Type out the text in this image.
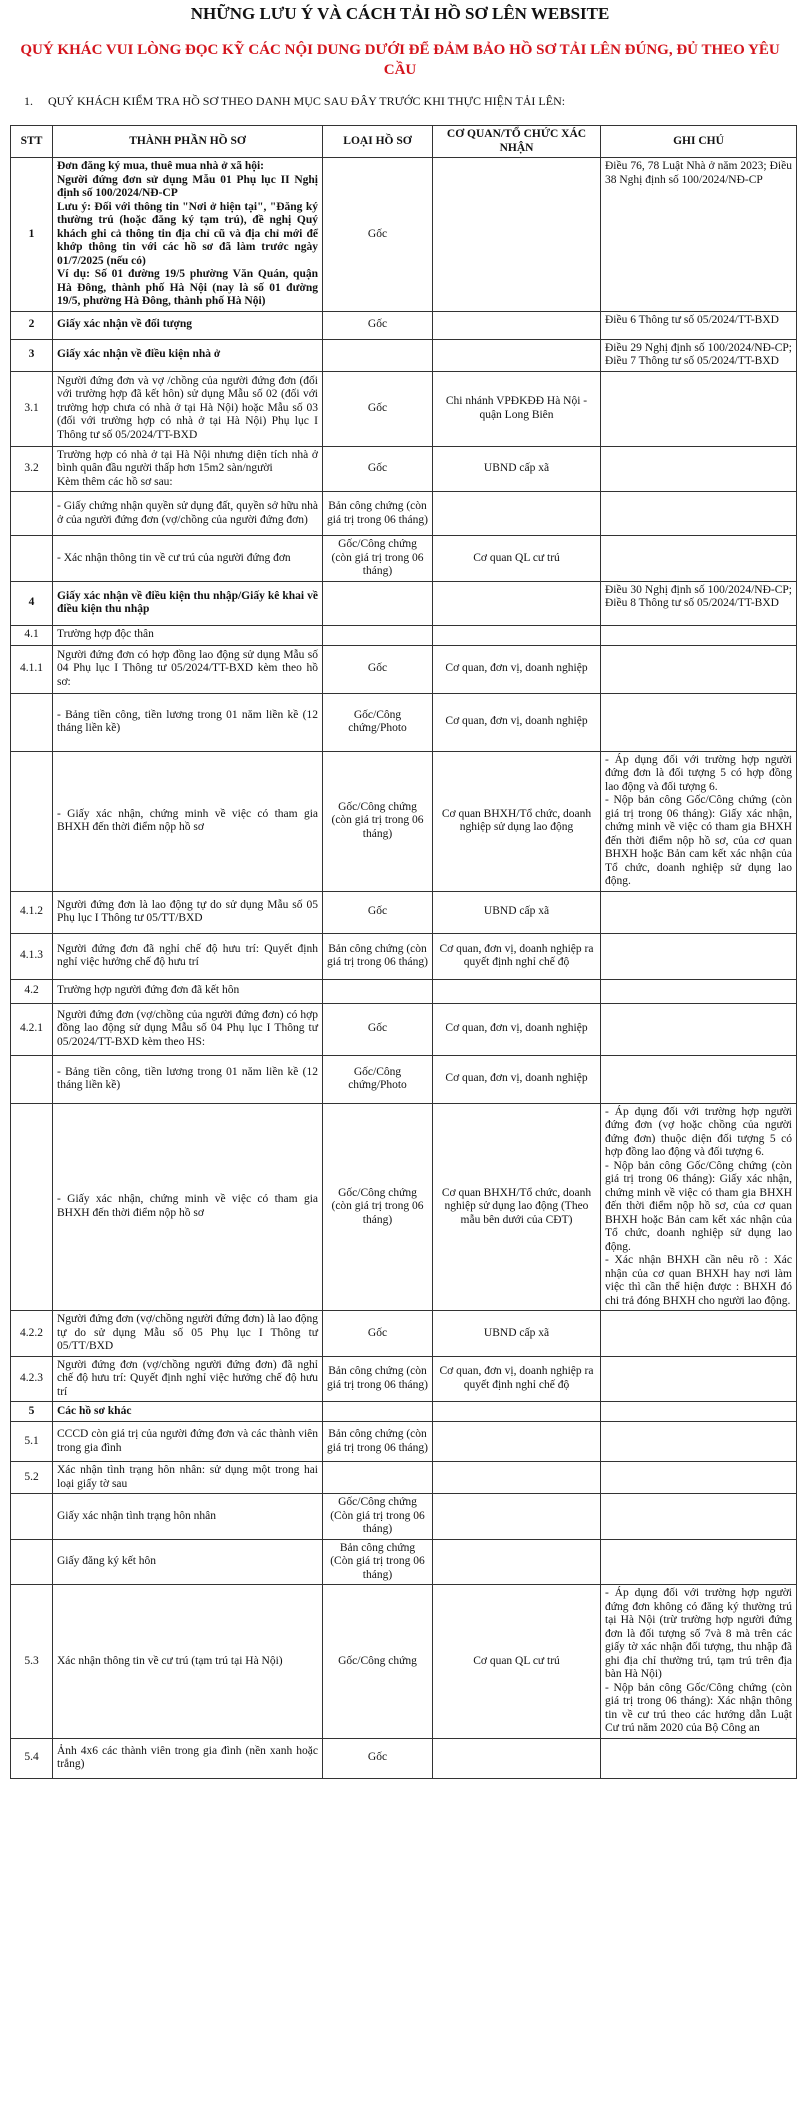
NHỮNG LƯU Ý VÀ CÁCH TẢI HỒ SƠ LÊN WEBSITE
QUÝ KHÁC VUI LÒNG ĐỌC KỸ CÁC NỘI DUNG DƯỚI ĐỂ ĐẢM BẢO HỒ SƠ TẢI LÊN ĐÚNG, ĐỦ THEO YÊU CẦU
1. QUÝ KHÁCH KIỂM TRA HỒ SƠ THEO DANH MỤC SAU ĐÂY TRƯỚC KHI THỰC HIỆN TẢI LÊN:
STT	THÀNH PHẦN HỒ SƠ	LOẠI HỒ SƠ	CƠ QUAN/TỔ CHỨC XÁC NHẬN	GHI CHÚ
1	Đơn đăng ký mua, thuê mua nhà ở xã hội:
Người đứng đơn sử dụng Mẫu 01 Phụ lục II Nghị định số 100/2024/NĐ-CP
Lưu ý: Đối với thông tin "Nơi ở hiện tại", "Đăng ký thường trú (hoặc đăng ký tạm trú), đề nghị Quý khách ghi cả thông tin địa chỉ cũ và địa chỉ mới để khớp thông tin với các hồ sơ đã làm trước ngày 01/7/2025 (nếu có)
Ví dụ: Số 01 đường 19/5 phường Văn Quán, quận Hà Đông, thành phố Hà Nội (nay là số 01 đường 19/5, phường Hà Đông, thành phố Hà Nội)	Gốc		Điều 76, 78 Luật Nhà ở năm 2023; Điều 38 Nghị định số 100/2024/NĐ-CP
2	Giấy xác nhận về đối tượng	Gốc		Điều 6 Thông tư số 05/2024/TT-BXD
3	Giấy xác nhận về điều kiện nhà ở			Điều 29 Nghị định số 100/2024/NĐ-CP; Điều 7 Thông tư số 05/2024/TT-BXD
3.1	Người đứng đơn và vợ /chồng của người đứng đơn (đối với trường hợp đã kết hôn) sử dụng Mẫu số 02 (đối với trường hợp chưa có nhà ở tại Hà Nội) hoặc Mẫu số 03 (đối với trường hợp có nhà ở tại Hà Nội) Phụ lục I Thông tư số 05/2024/TT-BXD	Gốc	Chi nhánh VPĐKĐĐ Hà Nội - quận Long Biên	
3.2	Trường hợp có nhà ở tại Hà Nội nhưng diện tích nhà ở bình quân đầu người thấp hơn 15m2 sàn/người
Kèm thêm các hồ sơ sau:	Gốc	UBND cấp xã	
	- Giấy chứng nhận quyền sử dụng đất, quyền sở hữu nhà ở của người đứng đơn (vợ/chồng của người đứng đơn)	Bản công chứng (còn giá trị trong 06 tháng)		
	- Xác nhận thông tin về cư trú của người đứng đơn	Gốc/Công chứng (còn giá trị trong 06 tháng)	Cơ quan QL cư trú	
4	Giấy xác nhận về điều kiện thu nhập/Giấy kê khai về điều kiện thu nhập			Điều 30 Nghị định số 100/2024/NĐ-CP; Điều 8 Thông tư số 05/2024/TT-BXD
4.1	Trường hợp độc thân			
4.1.1	Người đứng đơn có hợp đồng lao động sử dụng Mẫu số 04 Phụ lục I Thông tư 05/2024/TT-BXD kèm theo hồ sơ:	Gốc	Cơ quan, đơn vị, doanh nghiệp	
	- Bảng tiền công, tiền lương trong 01 năm liền kề (12 tháng liền kề)	Gốc/Công chứng/Photo	Cơ quan, đơn vị, doanh nghiệp	
	- Giấy xác nhận, chứng minh về việc có tham gia BHXH đến thời điểm nộp hồ sơ	Gốc/Công chứng (còn giá trị trong 06 tháng)	Cơ quan BHXH/Tổ chức, doanh nghiệp sử dụng lao động	- Áp dụng đối với trường hợp người đứng đơn là đối tượng 5 có hợp đồng lao động và đối tượng 6.
- Nộp bản công Gốc/Công chứng (còn giá trị trong 06 tháng): Giấy xác nhận, chứng minh về việc có tham gia BHXH đến thời điểm nộp hồ sơ, của cơ quan BHXH hoặc Bản cam kết xác nhận của Tổ chức, doanh nghiệp sử dụng lao động.
4.1.2	Người đứng đơn là lao động tự do sử dụng Mẫu số 05 Phụ lục I Thông tư 05/TT/BXD	Gốc	UBND cấp xã	
4.1.3	Người đứng đơn đã nghỉ chế độ hưu trí: Quyết định nghỉ việc hưởng chế độ hưu trí	Bản công chứng (còn giá trị trong 06 tháng)	Cơ quan, đơn vị, doanh nghiệp ra quyết định nghỉ chế độ	
4.2	Trường hợp người đứng đơn đã kết hôn			
4.2.1	Người đứng đơn (vợ/chồng của người đứng đơn) có hợp đồng lao động sử dụng Mẫu số 04 Phụ lục I Thông tư 05/2024/TT-BXD kèm theo HS:	Gốc	Cơ quan, đơn vị, doanh nghiệp	
	- Bảng tiền công, tiền lương trong 01 năm liền kề (12 tháng liền kề)	Gốc/Công chứng/Photo	Cơ quan, đơn vị, doanh nghiệp	
	- Giấy xác nhận, chứng minh về việc có tham gia BHXH đến thời điểm nộp hồ sơ	Gốc/Công chứng (còn giá trị trong 06 tháng)	Cơ quan BHXH/Tổ chức, doanh nghiệp sử dụng lao động (Theo mẫu bên dưới của CĐT)	- Áp dụng đối với trường hợp người đứng đơn (vợ hoặc chồng của người đứng đơn) thuộc diện đối tượng 5 có hợp đồng lao động và đối tượng 6.
- Nộp bản công Gốc/Công chứng (còn giá trị trong 06 tháng): Giấy xác nhận, chứng minh về việc có tham gia BHXH đến thời điểm nộp hồ sơ, của cơ quan BHXH hoặc Bản cam kết xác nhận của Tổ chức, doanh nghiệp sử dụng lao động.
- Xác nhận BHXH cần nêu rõ : Xác nhận của cơ quan BHXH hay nơi làm việc thì cần thể hiện được : BHXH đó chi trả đóng BHXH cho người lao động.
4.2.2	Người đứng đơn (vợ/chồng người đứng đơn) là lao động tự do sử dụng Mẫu số 05 Phụ lục I Thông tư 05/TT/BXD	Gốc	UBND cấp xã	
4.2.3	Người đứng đơn (vợ/chồng người đứng đơn) đã nghỉ chế độ hưu trí: Quyết định nghỉ việc hưởng chế độ hưu trí	Bản công chứng (còn giá trị trong 06 tháng)	Cơ quan, đơn vị, doanh nghiệp ra quyết định nghỉ chế độ	
5	Các hồ sơ khác			
5.1	CCCD còn giá trị của người đứng đơn và các thành viên trong gia đình	Bản công chứng (còn giá trị trong 06 tháng)		
5.2	Xác nhận tình trạng hôn nhân: sử dụng một trong hai loại giấy tờ sau			
	Giấy xác nhận tình trạng hôn nhân	Gốc/Công chứng (Còn giá trị trong 06 tháng)		
	Giấy đăng ký kết hôn	Bản công chứng (Còn giá trị trong 06 tháng)		
5.3	Xác nhận thông tin về cư trú (tạm trú tại Hà Nội)	Gốc/Công chứng	Cơ quan QL cư trú	- Áp dụng đối với trường hợp người đứng đơn không có đăng ký thường trú tại Hà Nội (trừ trường hợp người đứng đơn là đối tượng số 7và 8 mà trên các giấy tờ xác nhận đối tượng, thu nhập đã ghi địa chỉ thường trú, tạm trú trên địa bàn Hà Nội)
- Nộp bản công Gốc/Công chứng (còn giá trị trong 06 tháng): Xác nhận thông tin về cư trú theo các hướng dẫn Luật Cư trú năm 2020 của Bộ Công an
5.4	Ảnh 4x6 các thành viên trong gia đình (nền xanh hoặc trắng)	Gốc		
